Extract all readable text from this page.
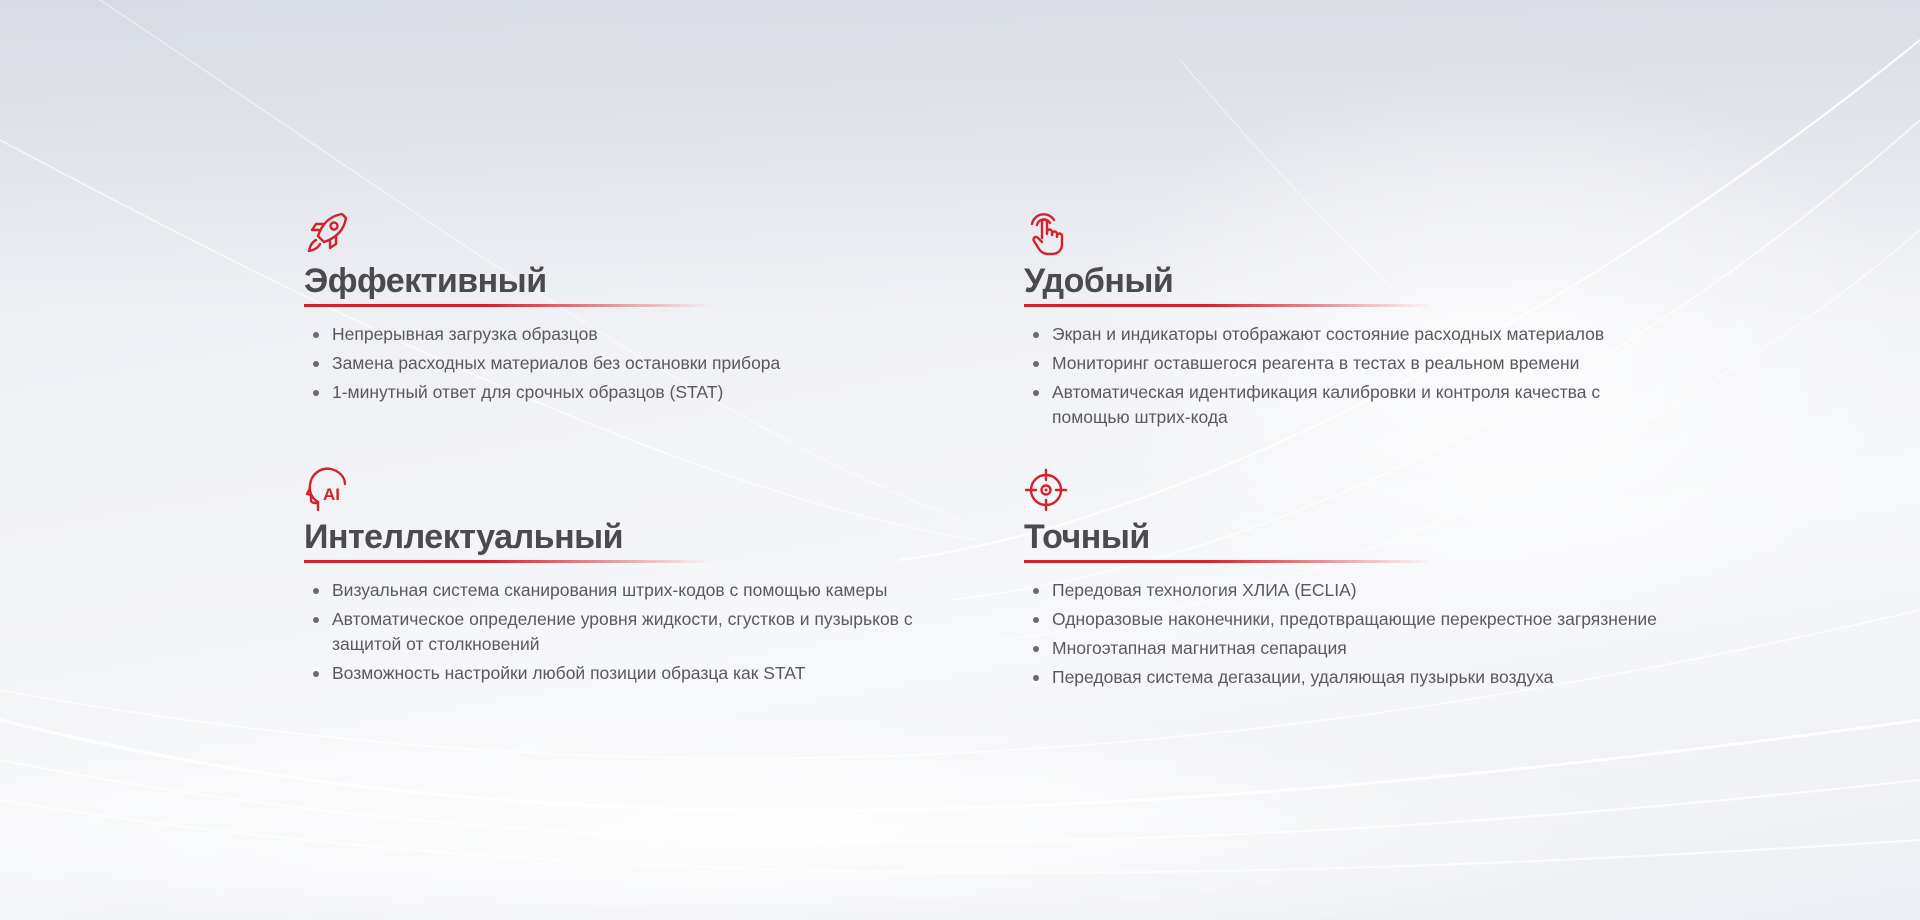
Эффективный
Непрерывная загрузка образцов
Замена расходных материалов без остановки прибора
1-минутный ответ для срочных образцов (STAT)
Удобный
Экран и индикаторы отображают состояние расходных материалов
Мониторинг оставшегося реагента в тестах в реальном времени
Автоматическая идентификация калибровки и контроля качества с помощью штрих-кода
AI
Интеллектуальный
Визуальная система сканирования штрих-кодов с помощью камеры
Автоматическое определение уровня жидкости, сгустков и пузырьков с защитой от столкновений
Возможность настройки любой позиции образца как STAT
Точный
Передовая технология ХЛИА (ECLIA)
Одноразовые наконечники, предотвращающие перекрестное загрязнение
Многоэтапная магнитная сепарация
Передовая система дегазации, удаляющая пузырьки воздуха
